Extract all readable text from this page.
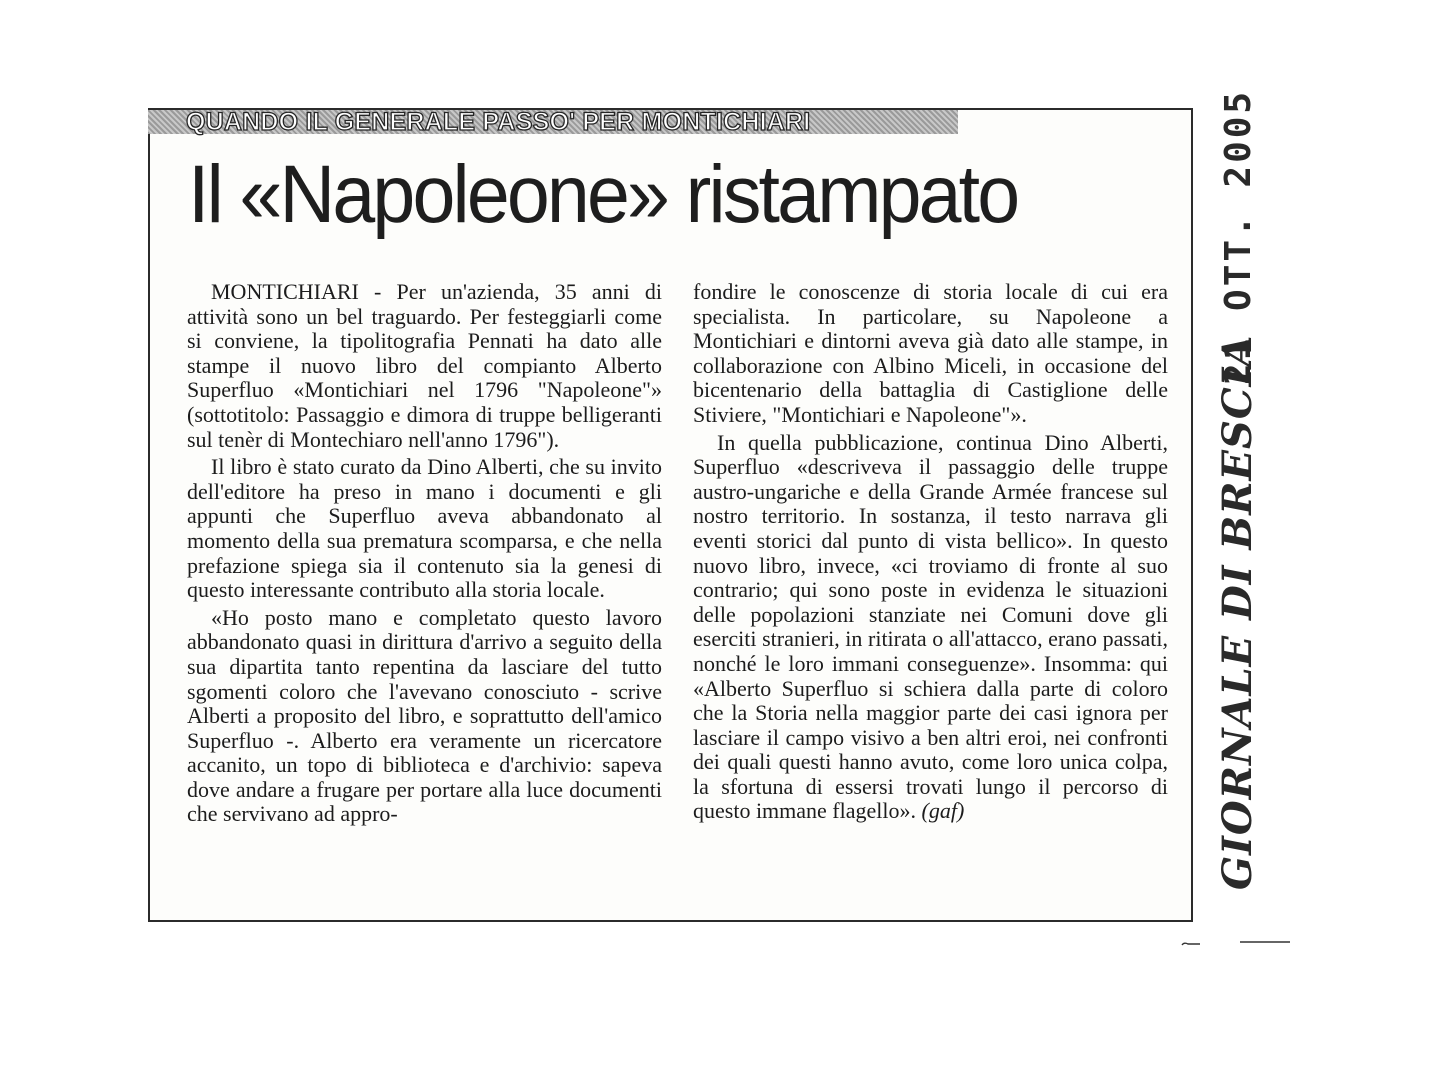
QUANDO IL GENERALE PASSO' PER MONTICHIARI
Il «Napoleone» ristampato

MONTICHIARI - Per un'azienda, 35 anni di attività sono un bel traguardo. Per festeggiarli come si conviene, la tipolitografia Pennati ha dato alle stampe il nuovo libro del compianto Alberto Superfluo «Montichiari nel 1796 "Napoleone"» (sottotitolo: Passaggio e dimora di truppe belligeranti sul tenèr di Montechiaro nell'anno 1796").

Il libro è stato curato da Dino Alberti, che su invito dell'editore ha preso in mano i documenti e gli appunti che Superfluo aveva abbandonato al momento della sua prematura scomparsa, e che nella prefazione spiega sia il contenuto sia la genesi di questo interessante contributo alla storia locale.

«Ho posto mano e completato questo lavoro abbandonato quasi in dirittura d'arrivo a seguito della sua dipartita tanto repentina da lasciare del tutto sgomenti coloro che l'avevano conosciuto - scrive Alberti a proposito del libro, e soprattutto dell'amico Superfluo -. Alberto era veramente un ricercatore accanito, un topo di biblioteca e d'archivio: sapeva dove andare a frugare per portare alla luce documenti che servivano ad appro-

fondire le conoscenze di storia locale di cui era specialista. In particolare, su Napoleone a Montichiari e dintorni aveva già dato alle stampe, in collaborazione con Albino Miceli, in occasione del bicentenario della battaglia di Castiglione delle Stiviere, "Montichiari e Napoleone"».

In quella pubblicazione, continua Dino Alberti, Superfluo «descriveva il passaggio delle truppe austro-ungariche e della Grande Armée francese sul nostro territorio. In sostanza, il testo narrava gli eventi storici dal punto di vista bellico». In questo nuovo libro, invece, «ci troviamo di fronte al suo contrario; qui sono poste in evidenza le situazioni delle popolazioni stanziate nei Comuni dove gli eserciti stranieri, in ritirata o all'attacco, erano passati, nonché le loro immani conseguenze». Insomma: qui «Alberto Superfluo si schiera dalla parte di coloro che la Storia nella maggior parte dei casi ignora per lasciare il campo visivo a ben altri eroi, nei confronti dei quali questi hanno avuto, come loro unica colpa, la sfortuna di essersi trovati lungo il percorso di questo immane flagello». (gaf)	GIORNALE DI BRESCIA
21 OTT. 2005
